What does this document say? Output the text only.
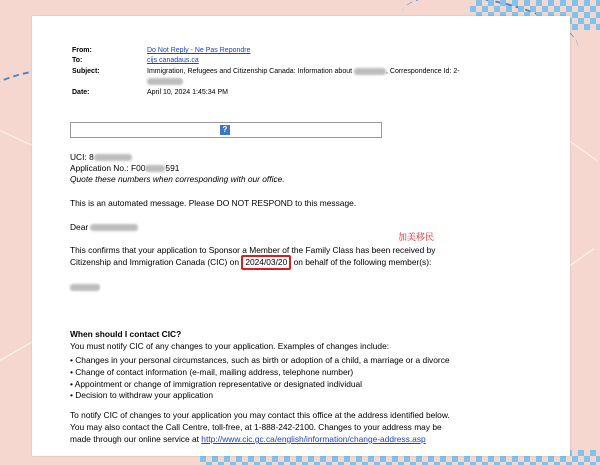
From:	Do Not Reply - Ne Pas Repondre
To:	cijs canadaus.ca
Subject:	Immigration, Refugees and Citizenship Canada: Information about	, Correspondence Id: 2-
Date:	April 10, 2024 1:45:34 PM
?
UCI: 8
Application No.: F00 591
Quote these numbers when corresponding with our office.
This is an automated message. Please DO NOT RESPOND to this message.
Dear
加美移民
This confirms that your application to Sponsor a Member of the Family Class has been received by
Citizenship and Immigration Canada (CIC) on 2024/03/20 on behalf of the following member(s):
When should I contact CIC?
You must notify CIC of any changes to your application. Examples of changes include:
• Changes in your personal circumstances, such as birth or adoption of a child, a marriage or a divorce
• Change of contact information (e-mail, mailing address, telephone number)
• Appointment or change of immigration representative or designated individual
• Decision to withdraw your application
To notify CIC of changes to your application you may contact this office at the address identified below.
You may also contact the Call Centre, toll-free, at 1-888-242-2100. Changes to your address may be
made through our online service at http://www.cic.gc.ca/english/information/change-address.asp
